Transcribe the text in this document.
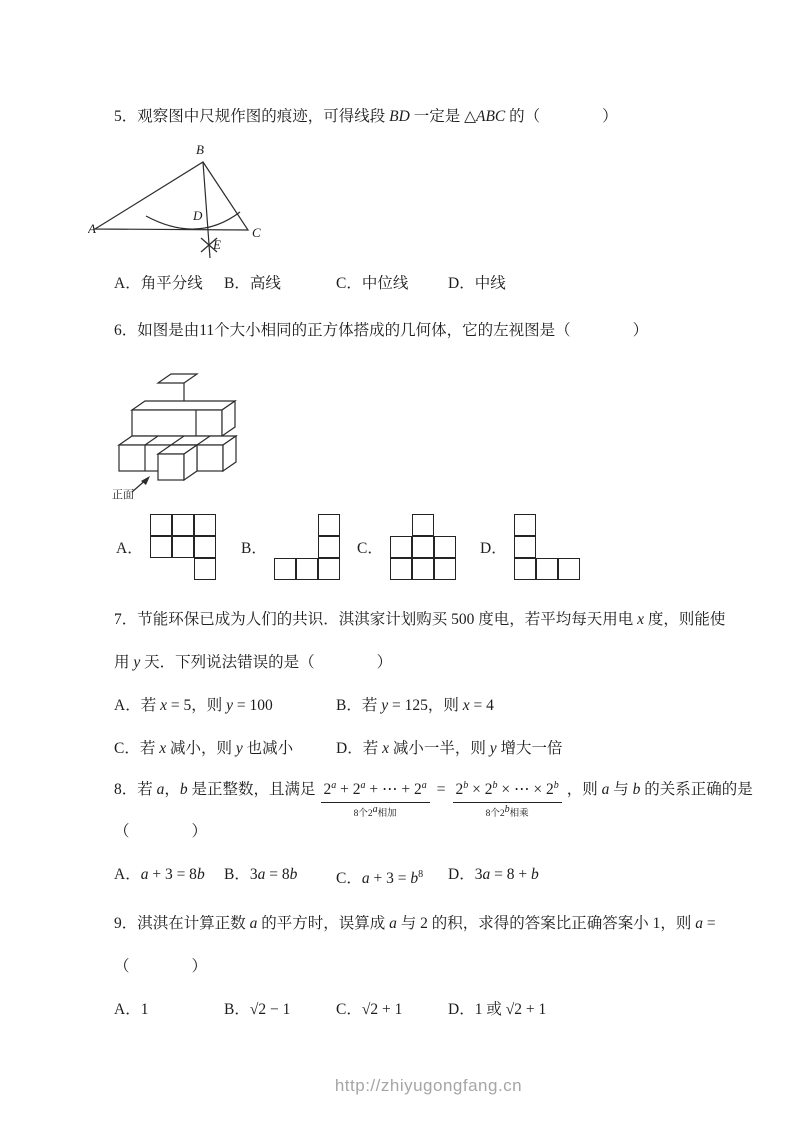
5．观察图中尺规作图的痕迹，可得线段 BD 一定是 △ABC 的（　　　　）
B
A	C
D
E
A．角平分线	B．高线	C．中位线	D．中线
6．如图是由11个大小相同的正方体搭成的几何体，它的左视图是（　　　　）
正面
A．	B．	C．	D．
7．节能环保已成为人们的共识．淇淇家计划购买 500 度电，若平均每天用电 x 度，则能使
用 y 天．下列说法错误的是（　　　　）
A．若 x = 5，则 y = 100	B．若 y = 125，则 x = 4
C．若 x 减小，则 y 也减小	D．若 x 减小一半，则 y 增大一倍
8．若 a，b 是正整数，且满足 $2^a + 2^a$ + ⋯ + $2^a$
8个2$^a$相加
= $2^b \times 2^b$ × ⋯ × $2^b$
8个2$^b$相乘
，则 a 与 b 的关系正确的是
（　　　　）
A．a + 3 = 8b	B．3a = 8b	C．$a + 3 = b^8$	D．3a = 8 + b
9．淇淇在计算正数 a 的平方时，误算成 a 与 2 的积，求得的答案比正确答案小 1，则 a =
（　　　　）
A．1	B．√2 − 1	C．√2 + 1	D．1 或 √2 + 1
http://zhiyugongfang.cn
